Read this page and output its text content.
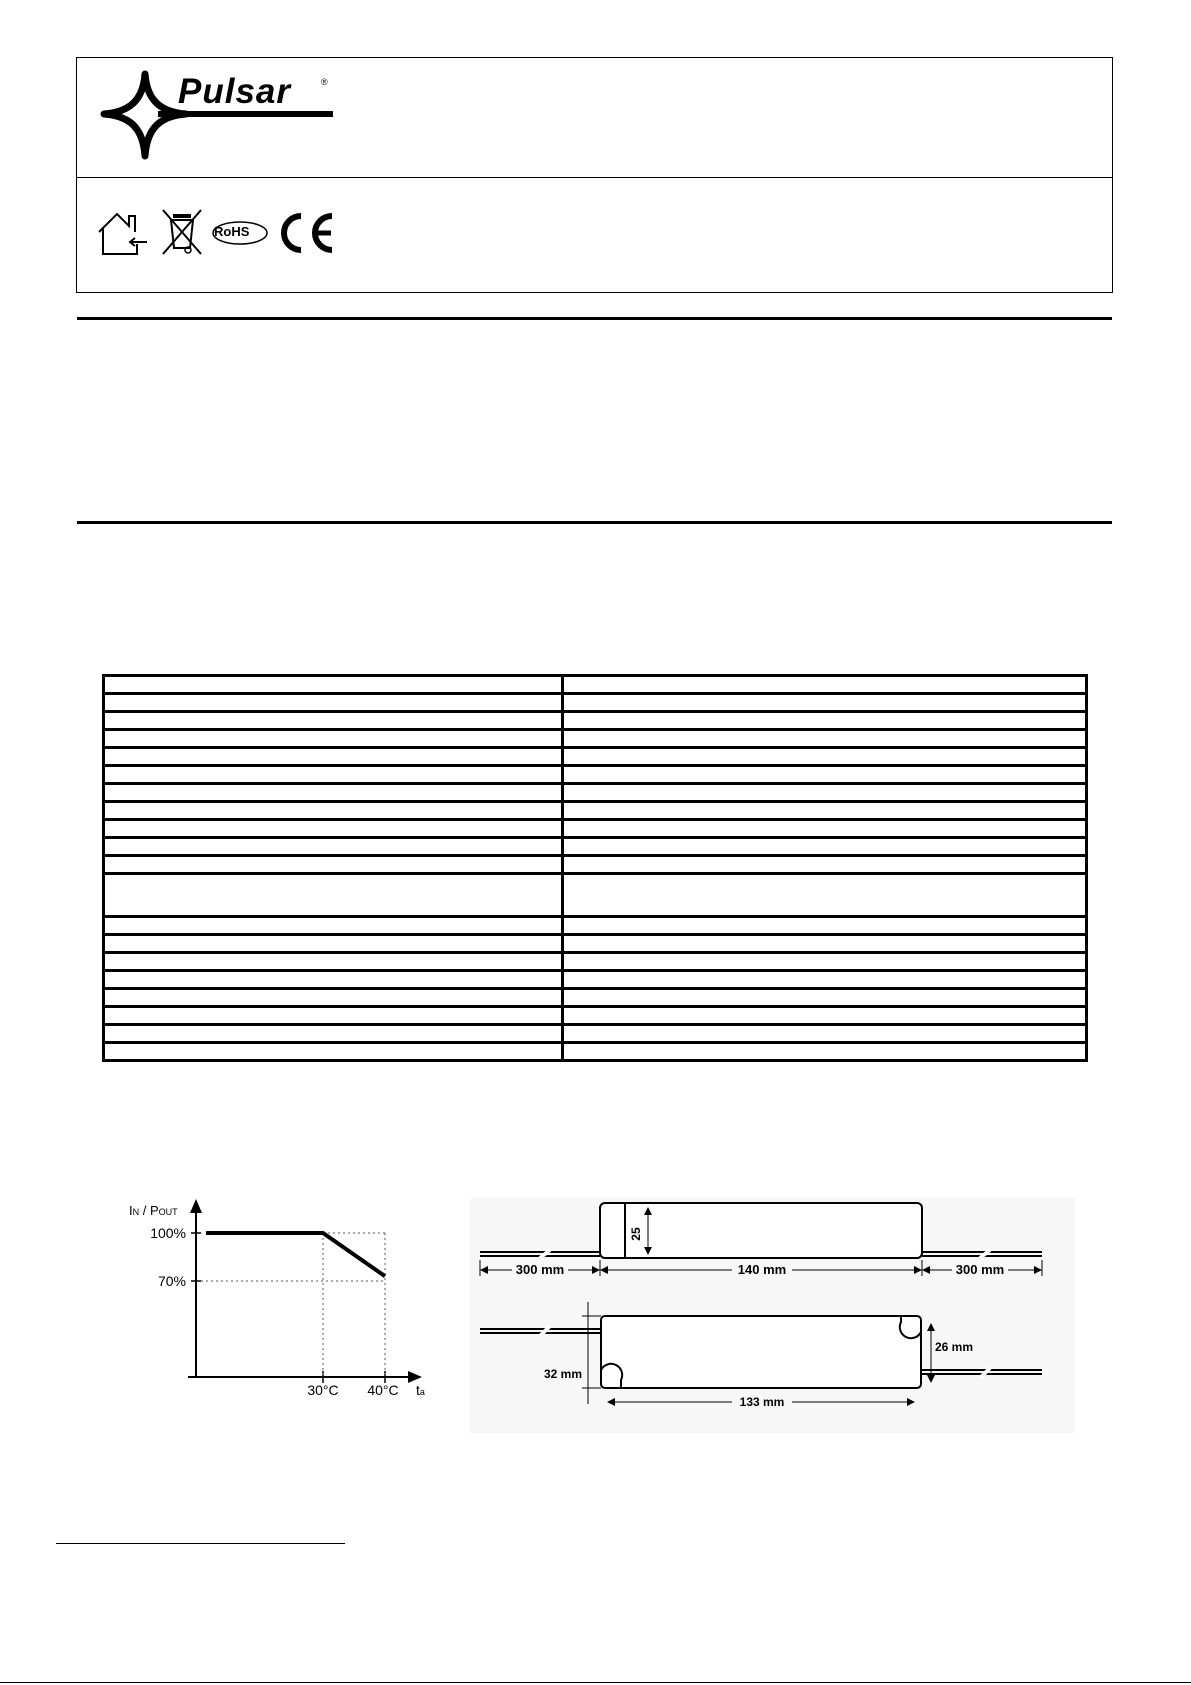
Pulsar	®
RoHS

IN / POUT
100%
70%
30°C 40°C ta
25
300 mm	140 mm	300 mm
32 mm
26 mm
133 mm
